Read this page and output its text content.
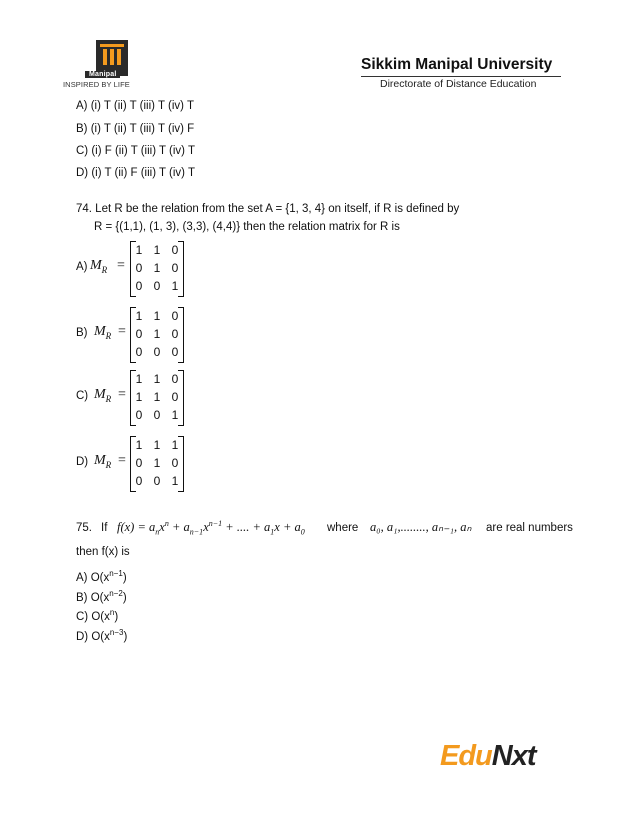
Manipal
INSPIRED BY LIFE
Sikkim Manipal University
Directorate of Distance Education
A) (i) T (ii) T (iii) T (iv) T
B) (i) T (ii) T (iii) T (iv) F
C) (i) F (ii) T (iii) T (iv) T
D) (i) T (ii) F (iii) T (iv) T
74. Let R be the relation from the set A = {1, 3, 4} on itself, if R is defined by
R = {(1,1), (1, 3), (3,3), (4,4)} then the relation matrix for R is
A) $M_R$ =
1 1 0
0 1 0
0 0 1
B) $M_R$ =
1 1 0
0 1 0
0 0 0
C) $M_R$ =
1 1 0
1 1 0
0 0 1
D) $M_R$ =
1 1 1
0 1 0
0 0 1
75. If $f(x) = a_nx^n + a_{n-1}x^{n-1}$ + .... + $a_1x + a_0$ where a₀, a₁,........, aₙ₋₁, aₙ are real numbers
then f(x) is
A) $O(x^{n-1})$
B) $O(x^{n-2})$
C) $O(x^n)$
D) $O(x^{n-3})$
EduNxt
